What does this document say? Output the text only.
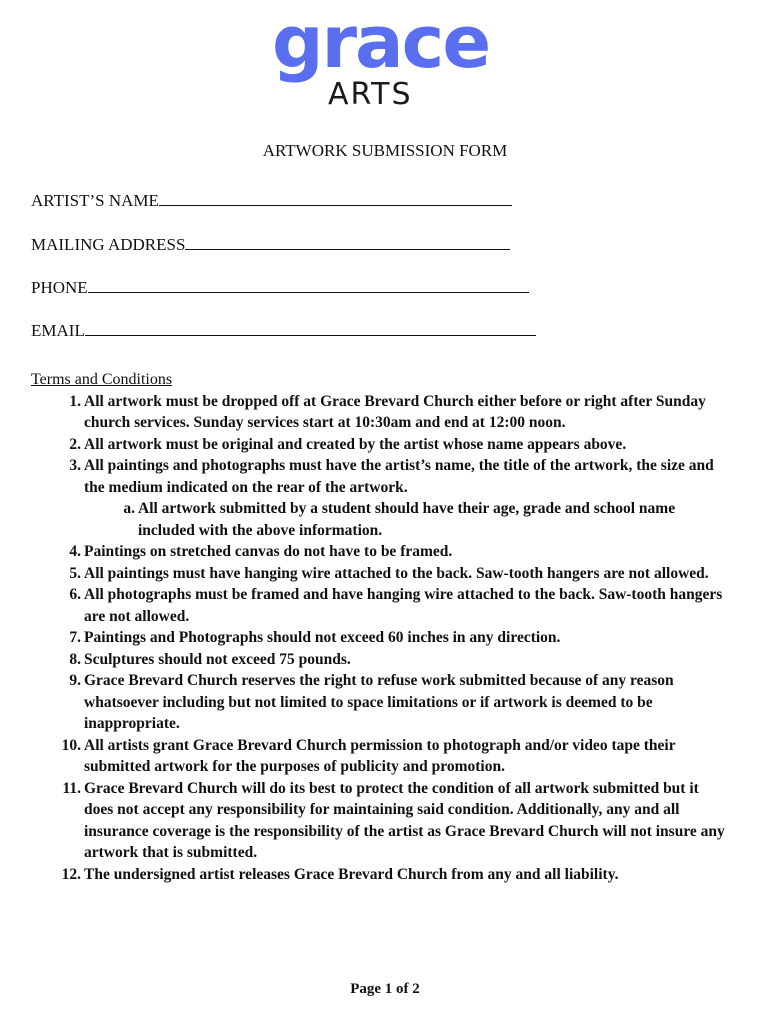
grace
ARTS
ARTWORK SUBMISSION FORM
ARTIST’S NAME
MAILING ADDRESS
PHONE
EMAIL
Terms and Conditions
1. All artwork must be dropped off at Grace Brevard Church either before or right after Sunday church services. Sunday services start at 10:30am and end at 12:00 noon.
2. All artwork must be original and created by the artist whose name appears above.
3. All paintings and photographs must have the artist’s name, the title of the artwork, the size and the medium indicated on the rear of the artwork.
a. All artwork submitted by a student should have their age, grade and school name included with the above information.
4. Paintings on stretched canvas do not have to be framed.
5. All paintings must have hanging wire attached to the back. Saw-tooth hangers are not allowed.
6. All photographs must be framed and have hanging wire attached to the back. Saw-tooth hangers are not allowed.
7. Paintings and Photographs should not exceed 60 inches in any direction.
8. Sculptures should not exceed 75 pounds.
9. Grace Brevard Church reserves the right to refuse work submitted because of any reason whatsoever including but not limited to space limitations or if artwork is deemed to be inappropriate.
10. All artists grant Grace Brevard Church permission to photograph and/or video tape their submitted artwork for the purposes of publicity and promotion.
11. Grace Brevard Church will do its best to protect the condition of all artwork submitted but it does not accept any responsibility for maintaining said condition. Additionally, any and all insurance coverage is the responsibility of the artist as Grace Brevard Church will not insure any artwork that is submitted.
12. The undersigned artist releases Grace Brevard Church from any and all liability.
Page 1 of 2
